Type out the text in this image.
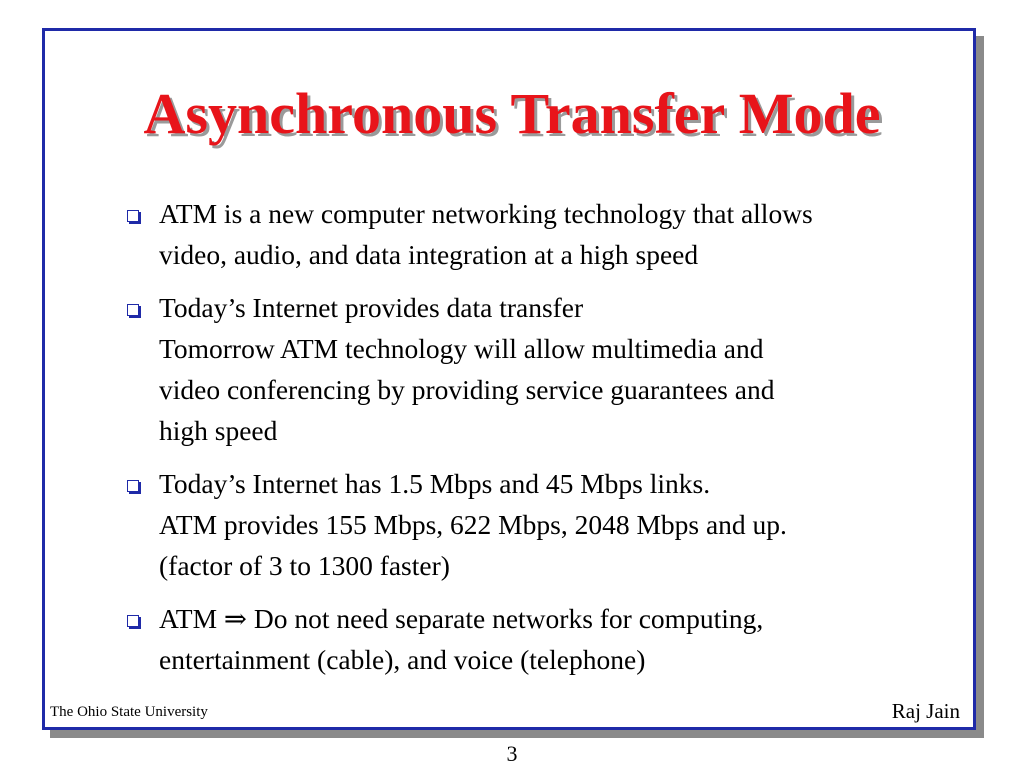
Asynchronous Transfer Mode
ATM is a new computer networking technology that allows
video, audio, and data integration at a high speed
Today’s Internet provides data transfer
Tomorrow ATM technology will allow multimedia and
video conferencing by providing service guarantees and
high speed
Today’s Internet has 1.5 Mbps and 45 Mbps links.
ATM provides 155 Mbps, 622 Mbps, 2048 Mbps and up.
(factor of 3 to 1300 faster)
ATM ⇒ Do not need separate networks for computing,
entertainment (cable), and voice (telephone)
The Ohio State University	Raj Jain
3
